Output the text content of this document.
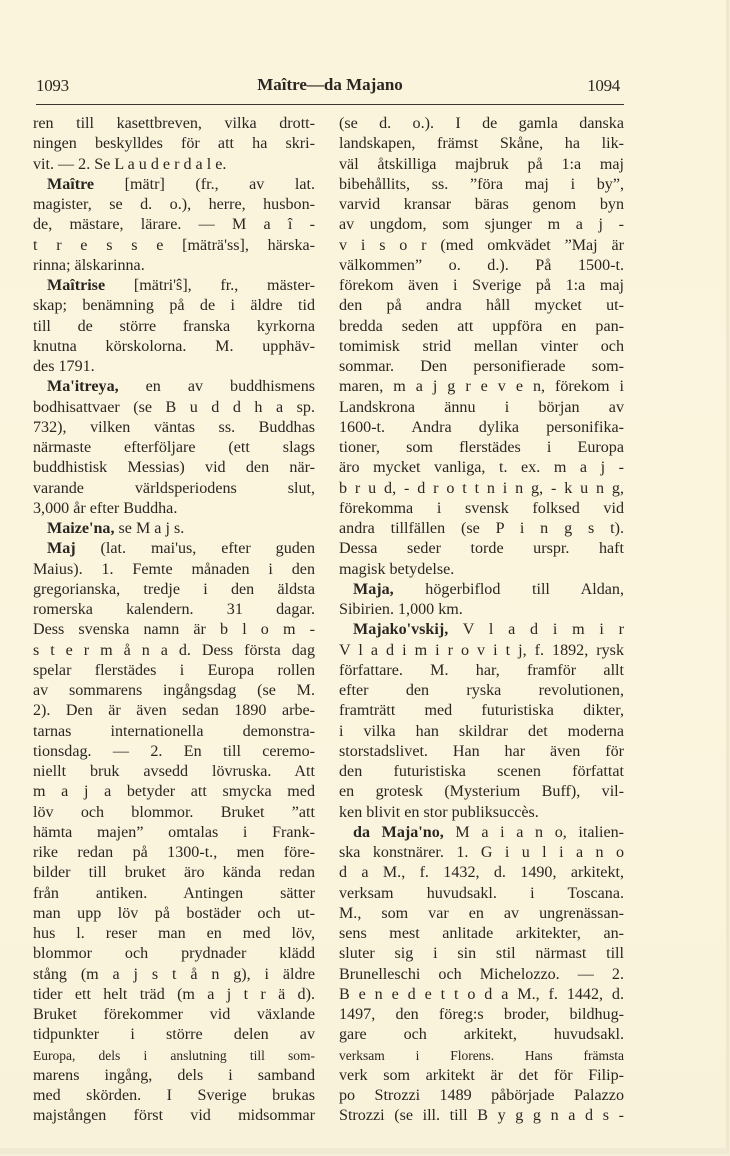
1093	Maître—da Majano	1094
ren till kasettbreven, vilka drott-
ningen beskylldes för att ha skri-
vit. — 2. Se L a u d e r d a l e.
Maître [mätr] (fr., av lat.
magister, se d. o.), herre, husbon-
de, mästare, lärare. — M a î -
t r e s s e [mäträ'ss], härska-
rinna; älskarinna.
Maîtrise [mätri'ŝ], fr., mäster-
skap; benämning på de i äldre tid
till de större franska kyrkorna
knutna körskolorna. M. upphäv-
des 1791.
Ma'itreya, en av buddhismens
bodhisattvaer (se B u d d h a sp.
732), vilken väntas ss. Buddhas
närmaste efterföljare (ett slags
buddhistisk Messias) vid den när-
varande världsperiodens slut,
3,000 år efter Buddha.
Maize'na, se M a j s.
Maj (lat. mai'us, efter guden
Maius). 1. Femte månaden i den
gregorianska, tredje i den äldsta
romerska kalendern. 31 dagar.
Dess svenska namn är b l o m -
s t e r m å n a d. Dess första dag
spelar flerstädes i Europa rollen
av sommarens ingångsdag (se M.
2). Den är även sedan 1890 arbe-
tarnas internationella demonstra-
tionsdag. — 2. En till ceremo-
niellt bruk avsedd lövruska. Att
m a j a betyder att smycka med
löv och blommor. Bruket ”att
hämta majen” omtalas i Frank-
rike redan på 1300-t., men före-
bilder till bruket äro kända redan
från antiken. Antingen sätter
man upp löv på bostäder och ut-
hus l. reser man en med löv,
blommor och prydnader klädd
stång (m a j s t å n g), i äldre
tider ett helt träd (m a j t r ä d).
Bruket förekommer vid växlande
tidpunkter i större delen av
Europa, dels i anslutning till som-
marens ingång, dels i samband
med skörden. I Sverige brukas
majstången först vid midsommar
(se d. o.). I de gamla danska
landskapen, främst Skåne, ha lik-
väl åtskilliga majbruk på 1:a maj
bibehållits, ss. ”föra maj i by”,
varvid kransar bäras genom byn
av ungdom, som sjunger m a j -
v i s o r (med omkvädet ”Maj är
välkommen” o. d.). På 1500-t.
förekom även i Sverige på 1:a maj
den på andra håll mycket ut-
bredda seden att uppföra en pan-
tomimisk strid mellan vinter och
sommar. Den personifierade som-
maren, m a j g r e v e n, förekom i
Landskrona ännu i början av
1600-t. Andra dylika personifika-
tioner, som flerstädes i Europa
äro mycket vanliga, t. ex. m a j -
b r u d, - d r o t t n i n g, - k u n g,
förekomma i svensk folksed vid
andra tillfällen (se P i n g s t).
Dessa seder torde urspr. haft
magisk betydelse.
Maja, högerbiflod till Aldan,
Sibirien. 1,000 km.
Majako'vskij, V l a d i m i r
V l a d i m i r o v i t j, f. 1892, rysk
författare. M. har, framför allt
efter den ryska revolutionen,
framträtt med futuristiska dikter,
i vilka han skildrar det moderna
storstadslivet. Han har även för
den futuristiska scenen författat
en grotesk (Mysterium Buff), vil-
ken blivit en stor publiksuccès.
da Maja'no, M a i a n o, italien-
ska konstnärer. 1. G i u l i a n o
d a M., f. 1432, d. 1490, arkitekt,
verksam huvudsakl. i Toscana.
M., som var en av ungrenässan-
sens mest anlitade arkitekter, an-
sluter sig i sin stil närmast till
Brunelleschi och Michelozzo. — 2.
B e n e d e t t o d a M., f. 1442, d.
1497, den föreg:s broder, bildhug-
gare och arkitekt, huvudsakl.
verksam i Florens. Hans främsta
verk som arkitekt är det för Filip-
po Strozzi 1489 påbörjade Palazzo
Strozzi (se ill. till B y g g n a d s -
